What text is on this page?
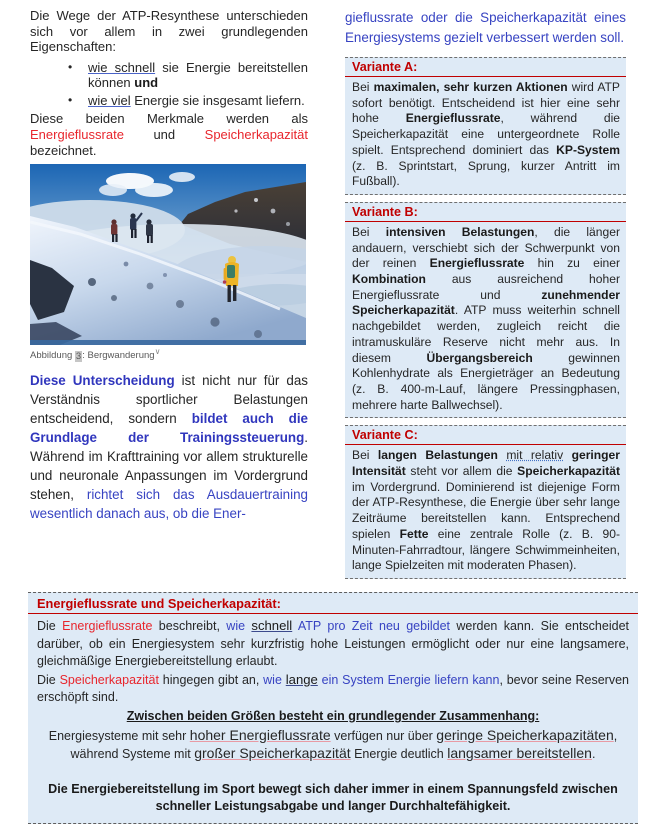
Die Wege der ATP-Resynthese unterschieden sich vor allem in zwei grundlegenden Eigenschaften:

• wie schnell sie Energie bereitstellen können und
• wie viel Energie sie insgesamt liefern.

Diese beiden Merkmale werden als Energieflussrate und Speicherkapazität bezeichnet.

Abbildung 3: Bergwanderung∨

Diese Unterscheidung ist nicht nur für das Verständnis sportlicher Belastungen entscheidend, sondern bildet auch die Grundlage der Trainingssteuerung. Während im Krafttraining vor allem strukturelle und neuronale Anpassungen im Vordergrund stehen, richtet sich das Ausdauertraining wesentlich danach aus, ob die Ener-

gieflussrate oder die Speicherkapazität eines Energiesystems gezielt verbessert werden soll.

Variante A:

Bei maximalen, sehr kurzen Aktionen wird ATP sofort benötigt. Entscheidend ist hier eine sehr hohe Energieflussrate, während die Speicherkapazität eine untergeordnete Rolle spielt. Entsprechend dominiert das KP-System (z. B. Sprintstart, Sprung, kurzer Antritt im Fußball).

Variante B:

Bei intensiven Belastungen, die länger andauern, verschiebt sich der Schwerpunkt von der reinen Energieflussrate hin zu einer Kombination aus ausreichend hoher Energieflussrate und zunehmender Speicherkapazität. ATP muss weiterhin schnell nachgebildet werden, zugleich reicht die intramuskuläre Reserve nicht mehr aus. In diesem Übergangsbereich gewinnen Kohlenhydrate als Energieträger an Bedeutung (z. B. 400-m-Lauf, längere Pressingphasen, mehrere harte Ballwechsel).

Variante C:

Bei langen Belastungen mit relativ geringer Intensität steht vor allem die Speicherkapazität im Vordergrund. Dominierend ist diejenige Form der ATP-Resynthese, die Energie über sehr lange Zeiträume bereitstellen kann. Entsprechend spielen Fette eine zentrale Rolle (z. B. 90-Minuten-Fahrradtour, längere Schwimmeinheiten, lange Spielzeiten mit moderaten Phasen).

Energieflussrate und Speicherkapazität:

Die Energieflussrate beschreibt, wie schnell ATP pro Zeit neu gebildet werden kann. Sie entscheidet darüber, ob ein Energiesystem sehr kurzfristig hohe Leistungen ermöglicht oder nur eine langsamere, gleichmäßige Energiebereitstellung erlaubt.

Die Speicherkapazität hingegen gibt an, wie lange ein System Energie liefern kann, bevor seine Reserven erschöpft sind.

Zwischen beiden Größen besteht ein grundlegender Zusammenhang:

Energiesysteme mit sehr hoher Energieflussrate verfügen nur über geringe Speicherkapazitäten, während Systeme mit großer Speicherkapazität Energie deutlich langsamer bereitstellen.

Die Energiebereitstellung im Sport bewegt sich daher immer in einem Spannungsfeld zwischen schneller Leistungsabgabe und langer Durchhaltefähigkeit.
